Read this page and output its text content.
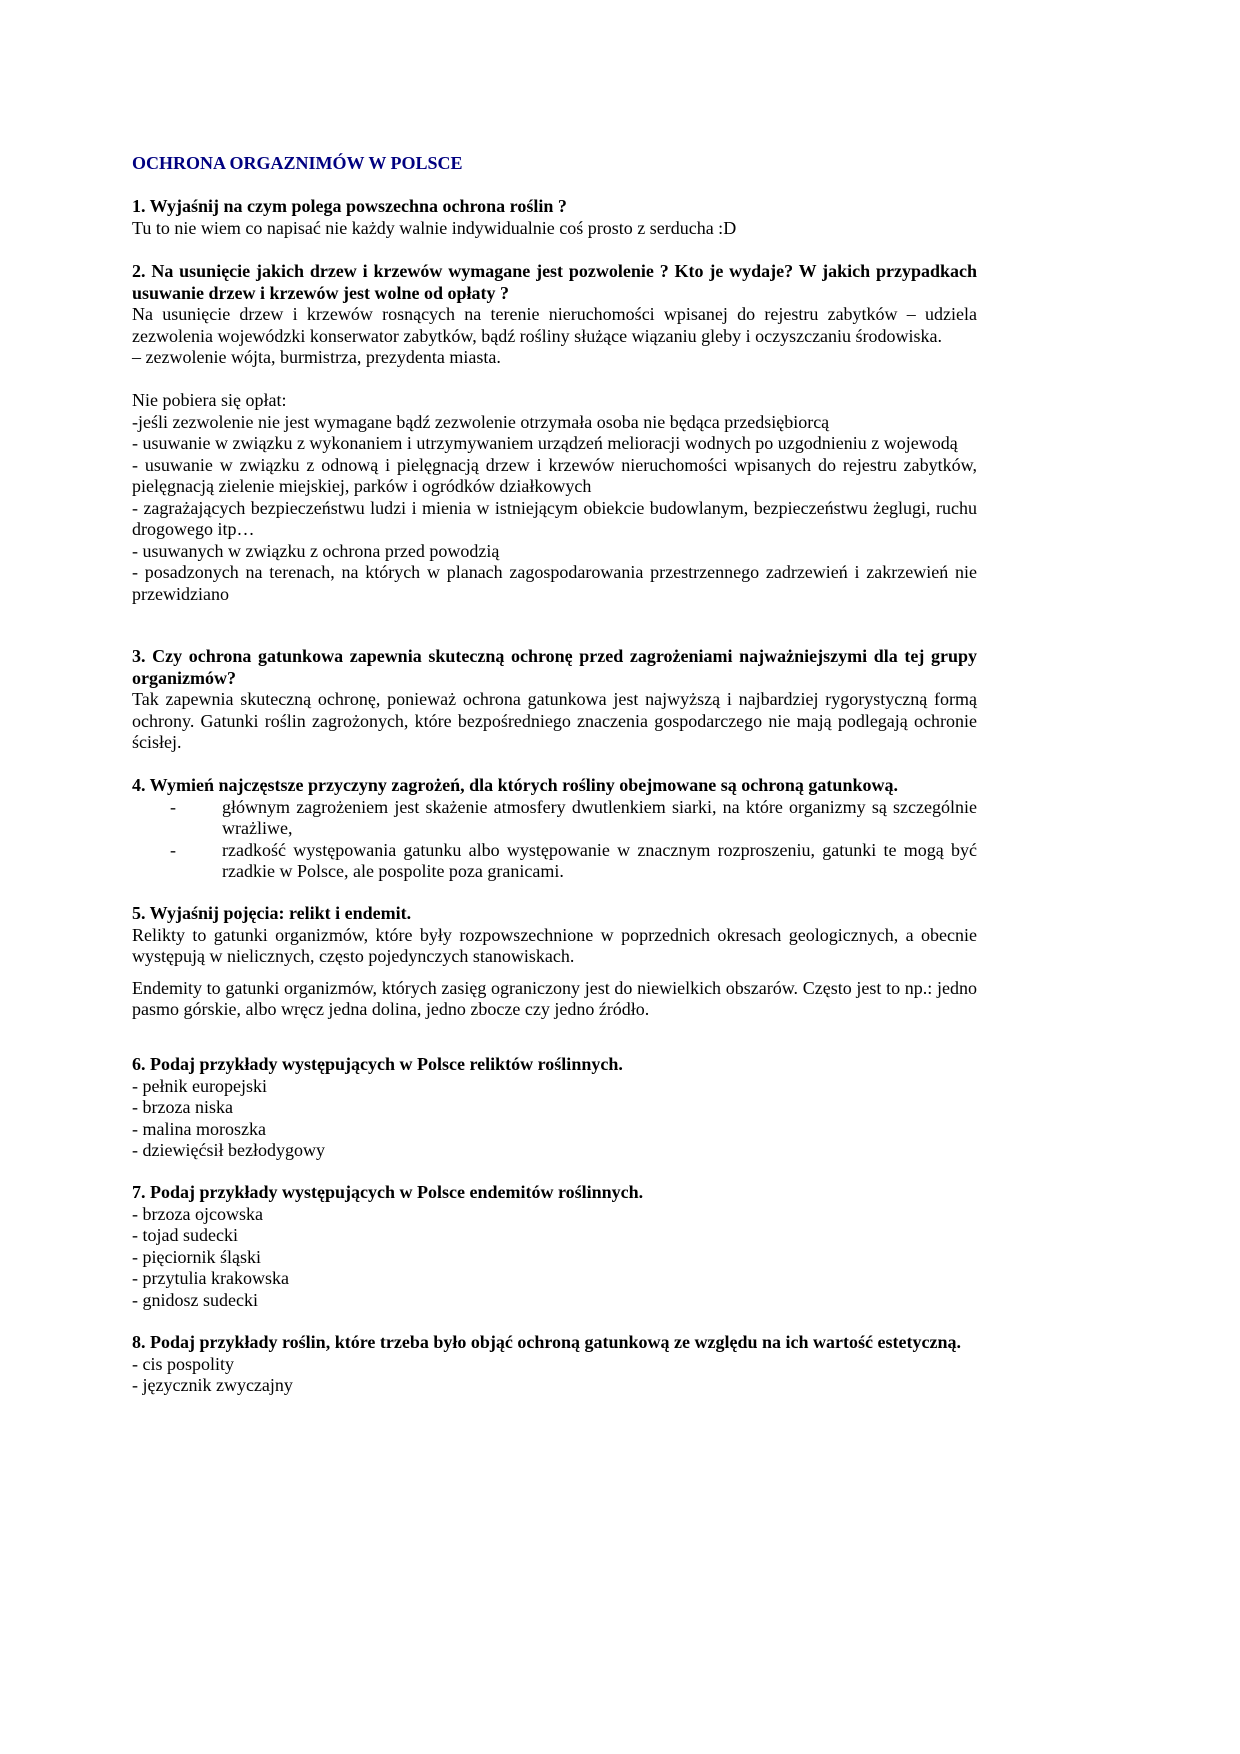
OCHRONA ORGAZNIMÓW W POLSCE

1. Wyjaśnij na czym polega powszechna ochrona roślin ?

Tu to nie wiem co napisać nie każdy walnie indywidualnie coś prosto z serducha :D

2. Na usunięcie jakich drzew i krzewów wymagane jest pozwolenie ? Kto je wydaje? W jakich przypadkach usuwanie drzew i krzewów jest wolne od opłaty ?

Na usunięcie drzew i krzewów rosnących na terenie nieruchomości wpisanej do rejestru zabytków – udziela zezwolenia wojewódzki konserwator zabytków, bądź rośliny służące wiązaniu gleby i oczyszczaniu środowiska.

– zezwolenie wójta, burmistrza, prezydenta miasta.

Nie pobiera się opłat:

-jeśli zezwolenie nie jest wymagane bądź zezwolenie otrzymała osoba nie będąca przedsiębiorcą

- usuwanie w związku z wykonaniem i utrzymywaniem urządzeń melioracji wodnych po uzgodnieniu z wojewodą

- usuwanie w związku z odnową i pielęgnacją drzew i krzewów nieruchomości wpisanych do rejestru zabytków, pielęgnacją zielenie miejskiej, parków i ogródków działkowych

- zagrażających bezpieczeństwu ludzi i mienia w istniejącym obiekcie budowlanym, bezpieczeństwu żeglugi, ruchu drogowego itp…

- usuwanych w związku z ochrona przed powodzią

- posadzonych na terenach, na których w planach zagospodarowania przestrzennego zadrzewień i zakrzewień nie przewidziano

3. Czy ochrona gatunkowa zapewnia skuteczną ochronę przed zagrożeniami najważniejszymi dla tej grupy organizmów?

Tak zapewnia skuteczną ochronę, ponieważ ochrona gatunkowa jest najwyższą i najbardziej rygorystyczną formą ochrony. Gatunki roślin zagrożonych, które bezpośredniego znaczenia gospodarczego nie mają podlegają ochronie ścisłej.

4. Wymień najczęstsze przyczyny zagrożeń, dla których rośliny obejmowane są ochroną gatunkową.

- głównym zagrożeniem jest skażenie atmosfery dwutlenkiem siarki, na które organizmy są szczególnie wrażliwe,

- rzadkość występowania gatunku albo występowanie w znacznym rozproszeniu, gatunki te mogą być rzadkie w Polsce, ale pospolite poza granicami.

5. Wyjaśnij pojęcia: relikt i endemit.

Relikty to gatunki organizmów, które były rozpowszechnione w poprzednich okresach geologicznych, a obecnie występują w nielicznych, często pojedynczych stanowiskach.

Endemity to gatunki organizmów, których zasięg ograniczony jest do niewielkich obszarów. Często jest to np.: jedno pasmo górskie, albo wręcz jedna dolina, jedno zbocze czy jedno źródło.

6. Podaj przykłady występujących w Polsce reliktów roślinnych.

- pełnik europejski

- brzoza niska

- malina moroszka

- dziewięćsił bezłodygowy

7. Podaj przykłady występujących w Polsce endemitów roślinnych.

- brzoza ojcowska

- tojad sudecki

- pięciornik śląski

- przytulia krakowska

- gnidosz sudecki

8. Podaj przykłady roślin, które trzeba było objąć ochroną gatunkową ze względu na ich wartość estetyczną.

- cis pospolity

- języcznik zwyczajny
